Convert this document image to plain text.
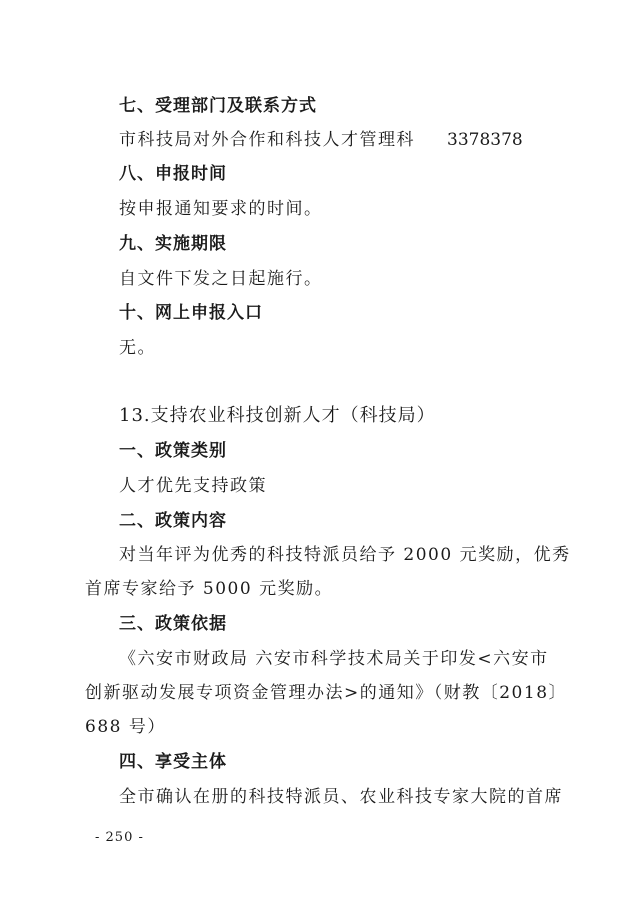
七、受理部门及联系方式
市科技局对外合作和科技人才管理科 3378378
八、申报时间
按申报通知要求的时间。
九、实施期限
自文件下发之日起施行。
十、网上申报入口
无。
13.支持农业科技创新人才（科技局）
一、政策类别
人才优先支持政策
二、政策内容
对当年评为优秀的科技特派员给予 2000 元奖励，优秀
首席专家给予 5000 元奖励。
三、政策依据
《六安市财政局 六安市科学技术局关于印发<六安市
创新驱动发展专项资金管理办法>的通知》（财教〔2018〕
688 号）
四、享受主体
全市确认在册的科技特派员、农业科技专家大院的首席
- 250 -
